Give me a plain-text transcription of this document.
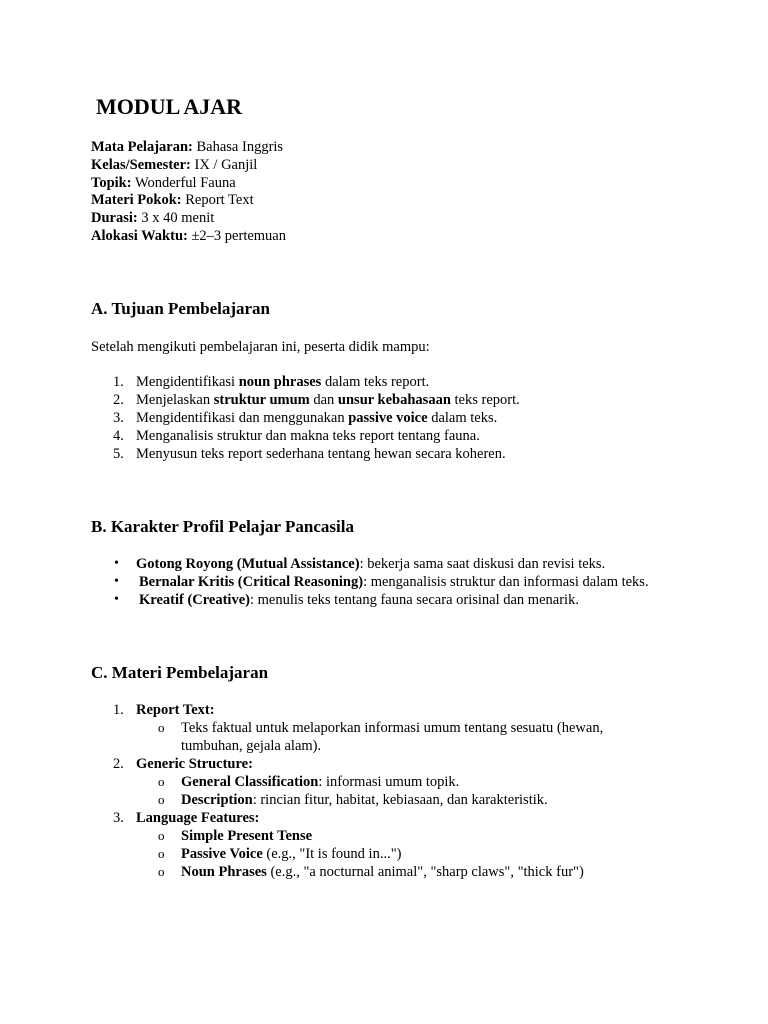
MODUL AJAR
Mata Pelajaran: Bahasa Inggris
Kelas/Semester: IX / Ganjil
Topik: Wonderful Fauna
Materi Pokok: Report Text
Durasi: 3 x 40 menit
Alokasi Waktu: ±2–3 pertemuan
A. Tujuan Pembelajaran

Setelah mengikuti pembelajaran ini, peserta didik mampu:

1. Mengidentifikasi noun phrases dalam teks report.
2. Menjelaskan struktur umum dan unsur kebahasaan teks report.
3. Mengidentifikasi dan menggunakan passive voice dalam teks.
4. Menganalisis struktur dan makna teks report tentang fauna.
5. Menyusun teks report sederhana tentang hewan secara koheren.
B. Karakter Profil Pelajar Pancasila
• Gotong Royong (Mutual Assistance): bekerja sama saat diskusi dan revisi teks.
• Bernalar Kritis (Critical Reasoning): menganalisis struktur dan informasi dalam teks.
• Kreatif (Creative): menulis teks tentang fauna secara orisinal dan menarik.
C. Materi Pembelajaran
1. Report Text:
o Teks faktual untuk melaporkan informasi umum tentang sesuatu (hewan, tumbuhan, gejala alam).
2. Generic Structure:
o General Classification: informasi umum topik.
o Description: rincian fitur, habitat, kebiasaan, dan karakteristik.
3. Language Features:
o Simple Present Tense
o Passive Voice (e.g., "It is found in...")
o Noun Phrases (e.g., "a nocturnal animal", "sharp claws", "thick fur")
